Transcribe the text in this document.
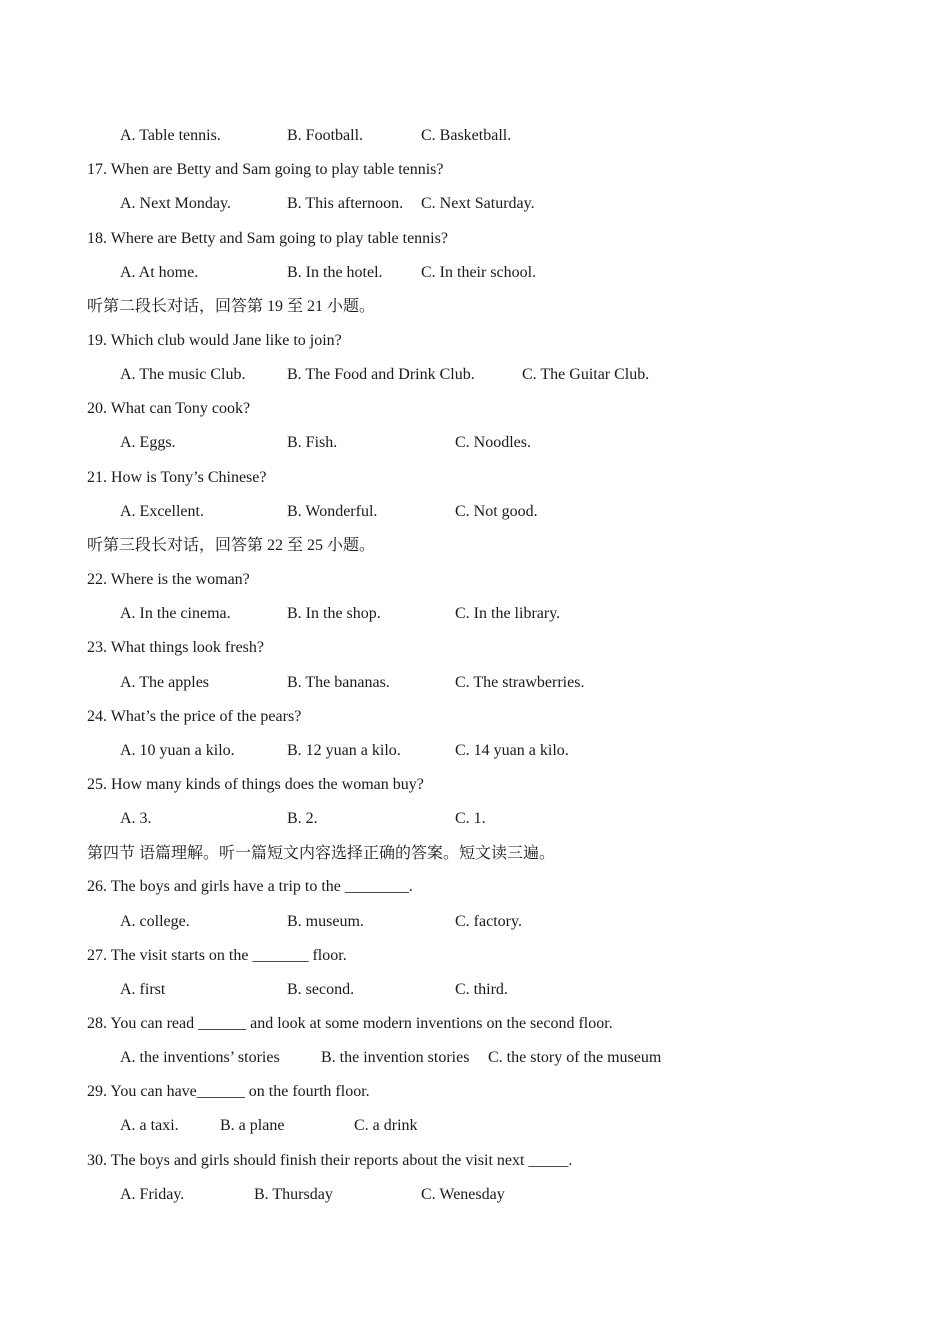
A. Table tennis.	B. Football.	C. Basketball.
17. When are Betty and Sam going to play table tennis?
A. Next Monday.	B. This afternoon. C. Next Saturday.
18. Where are Betty and Sam going to play table tennis?
A. At home.	B. In the hotel. C. In their school.
听第二段长对话，回答第 19 至 21 小题。
19. Which club would Jane like to join?
A. The music Club.	B. The Food and Drink Club.	C. The Guitar Club.
20. What can Tony cook?
A. Eggs.	B. Fish.	C. Noodles.
21. How is Tony’s Chinese?
A. Excellent.	B. Wonderful.	C. Not good.
听第三段长对话，回答第 22 至 25 小题。
22. Where is the woman?
A. In the cinema.	B. In the shop.	C. In the library.
23. What things look fresh?
A. The apples	B. The bananas.	C. The strawberries.
24. What’s the price of the pears?
A. 10 yuan a kilo.	B. 12 yuan a kilo.	C. 14 yuan a kilo.
25. How many kinds of things does the woman buy?
A. 3.	B. 2.	C. 1.
第四节 语篇理解。听一篇短文内容选择正确的答案。短文读三遍。
26. The boys and girls have a trip to the ________.
A. college.	B. museum.	C. factory.
27. The visit starts on the _______ floor.
A. first	B. second.	C. third.
28. You can read ______ and look at some modern inventions on the second floor.
A. the inventions’ stories	B. the invention stories C. the story of the museum
29. You can have______ on the fourth floor.
A. a taxi.	B. a plane	C. a drink
30. The boys and girls should finish their reports about the visit next _____.
A. Friday.	B. Thursday	C. Wenesday
